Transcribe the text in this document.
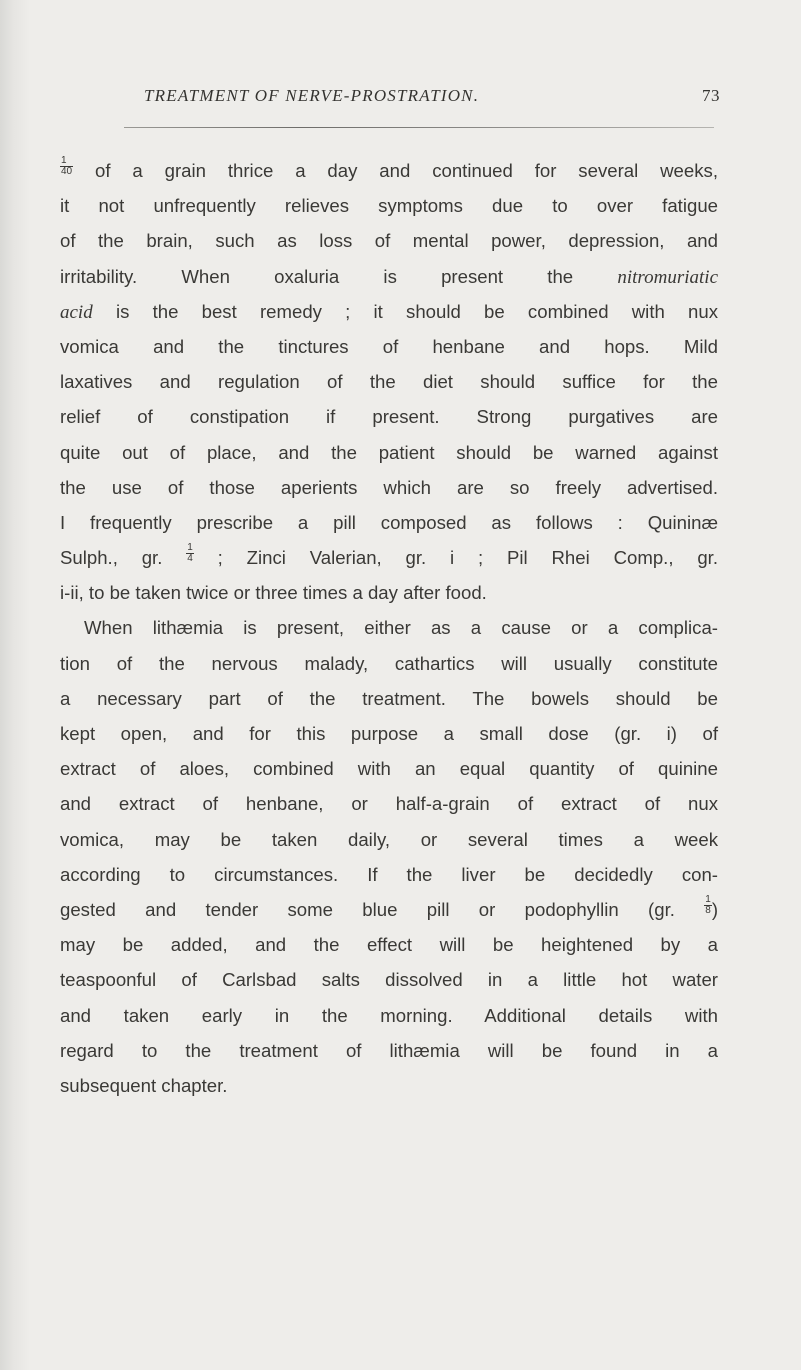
TREATMENT OF NERVE-PROSTRATION.	73

$\frac{1}{40}$ of a grain thrice a day and continued for several weeks,
it not unfrequently relieves symptoms due to over fatigue
of the brain, such as loss of mental power, depression, and
irritability. When oxaluria is present the nitromuriatic
acid is the best remedy ; it should be combined with nux
vomica and the tinctures of henbane and hops. Mild
laxatives and regulation of the diet should suffice for the
relief of constipation if present. Strong purgatives are
quite out of place, and the patient should be warned against
the use of those aperients which are so freely advertised.
I frequently prescribe a pill composed as follows : Quininæ
Sulph., gr. $\frac{1}{4}$ ; Zinci Valerian, gr. i ; Pil Rhei Comp., gr.
i-ii, to be taken twice or three times a day after food.

When lithæmia is present, either as a cause or a complica-
tion of the nervous malady, cathartics will usually constitute
a necessary part of the treatment. The bowels should be
kept open, and for this purpose a small dose (gr. i) of
extract of aloes, combined with an equal quantity of quinine
and extract of henbane, or half-a-grain of extract of nux
vomica, may be taken daily, or several times a week
according to circumstances. If the liver be decidedly con-
gested and tender some blue pill or podophyllin (gr.	$\frac{1}{8}$ )
may be added, and the effect will be heightened by a
teaspoonful of Carlsbad salts dissolved in a little hot water
and taken early in the morning. Additional details with
regard to the treatment of lithæmia will be found in a
subsequent chapter.
